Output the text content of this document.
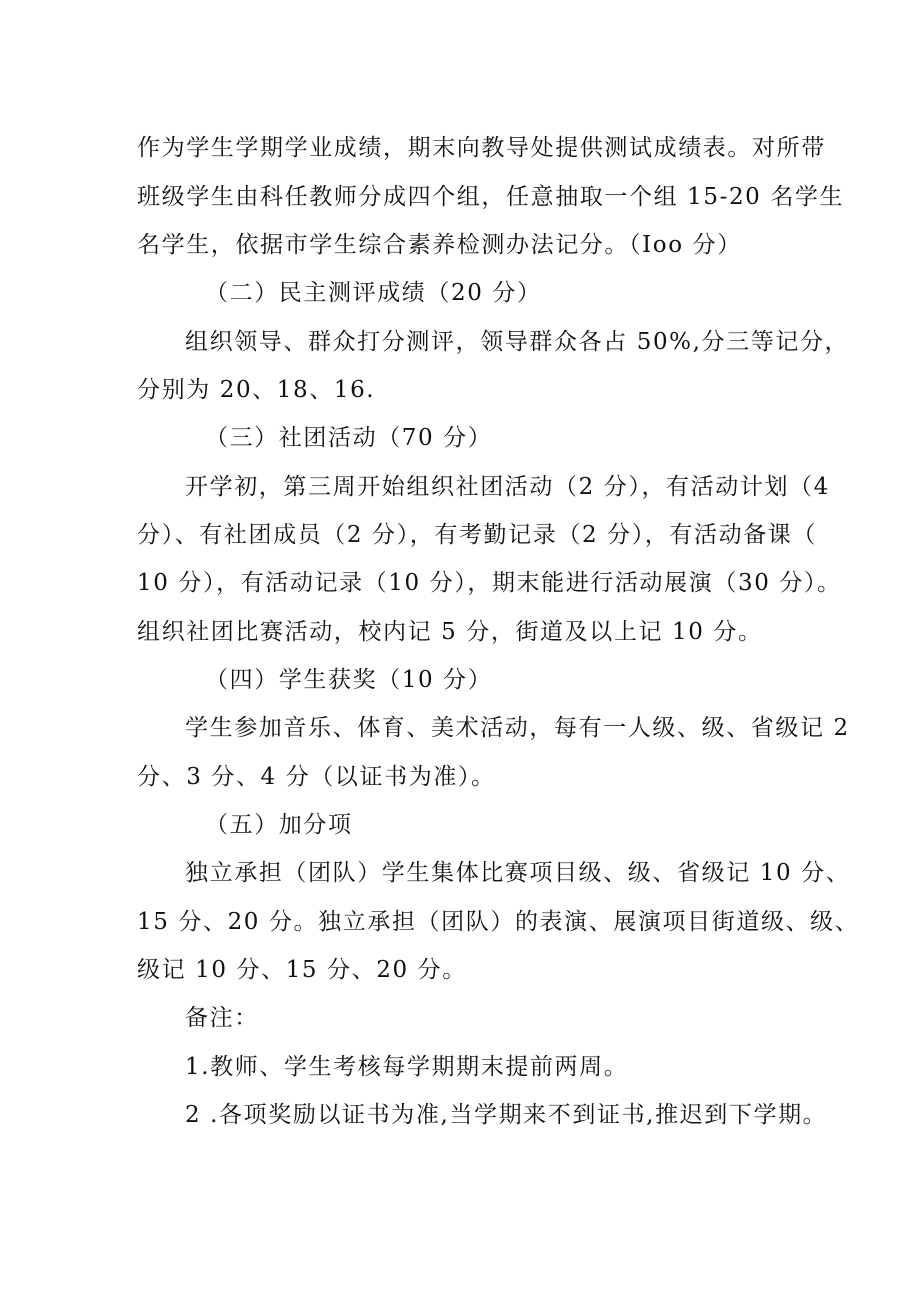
作为学生学期学业成绩，期末向教导处提供测试成绩表。对所带
班级学生由科任教师分成四个组，任意抽取一个组 15-20 名学生
名学生，依据市学生综合素养检测办法记分。（Ioo 分）
（二）民主测评成绩（20 分）
组织领导、群众打分测评，领导群众各占 50%,分三等记分，
分别为 20、18、16.
（三）社团活动（70 分）
开学初，第三周开始组织社团活动（2 分），有活动计划（4
分）、有社团成员（2 分），有考勤记录（2 分），有活动备课（
10 分），有活动记录（10 分），期末能进行活动展演（30 分）。
组织社团比赛活动，校内记 5 分，街道及以上记 10 分。
（四）学生获奖（10 分）
学生参加音乐、体育、美术活动，每有一人级、级、省级记 2
分、3 分、4 分（以证书为准）。
（五）加分项
独立承担（团队）学生集体比赛项目级、级、省级记 10 分、
15 分、20 分。独立承担（团队）的表演、展演项目街道级、级、
级记 10 分、15 分、20 分。
备注：
1.教师、学生考核每学期期末提前两周。
2 .各项奖励以证书为准,当学期来不到证书,推迟到下学期。
